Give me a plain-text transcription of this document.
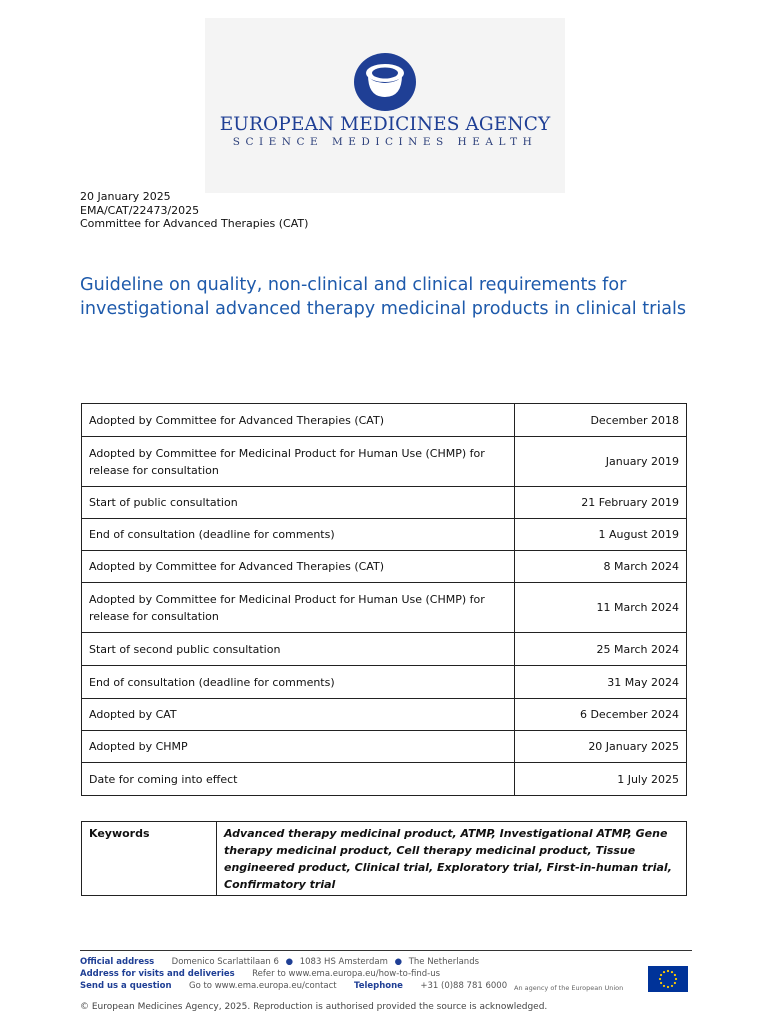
EUROPEAN MEDICINES AGENCY
SCIENCE MEDICINES HEALTH
20 January 2025
EMA/CAT/22473/2025
Committee for Advanced Therapies (CAT)
Guideline on quality, non-clinical and clinical requirements for investigational advanced therapy medicinal products in clinical trials
Adopted by Committee for Advanced Therapies (CAT)	December 2018
Adopted by Committee for Medicinal Product for Human Use (CHMP) for release for consultation	January 2019
Start of public consultation	21 February 2019
End of consultation (deadline for comments)	1 August 2019
Adopted by Committee for Advanced Therapies (CAT)	8 March 2024
Adopted by Committee for Medicinal Product for Human Use (CHMP) for release for consultation	11 March 2024
Start of second public consultation	25 March 2024
End of consultation (deadline for comments)	31 May 2024
Adopted by CAT	6 December 2024
Adopted by CHMP	20 January 2025
Date for coming into effect	1 July 2025
Keywords	Advanced therapy medicinal product, ATMP, Investigational ATMP, Gene therapy medicinal product, Cell therapy medicinal product, Tissue engineered product, Clinical trial, Exploratory trial, First-in-human trial, Confirmatory trial
Official address Domenico Scarlattilaan 6 ● 1083 HS Amsterdam ● The Netherlands
Address for visits and deliveries Refer to www.ema.europa.eu/how-to-find-us
Send us a question Go to www.ema.europa.eu/contact Telephone +31 (0)88 781 6000 An agency of the European Union
© European Medicines Agency, 2025. Reproduction is authorised provided the source is acknowledged.
